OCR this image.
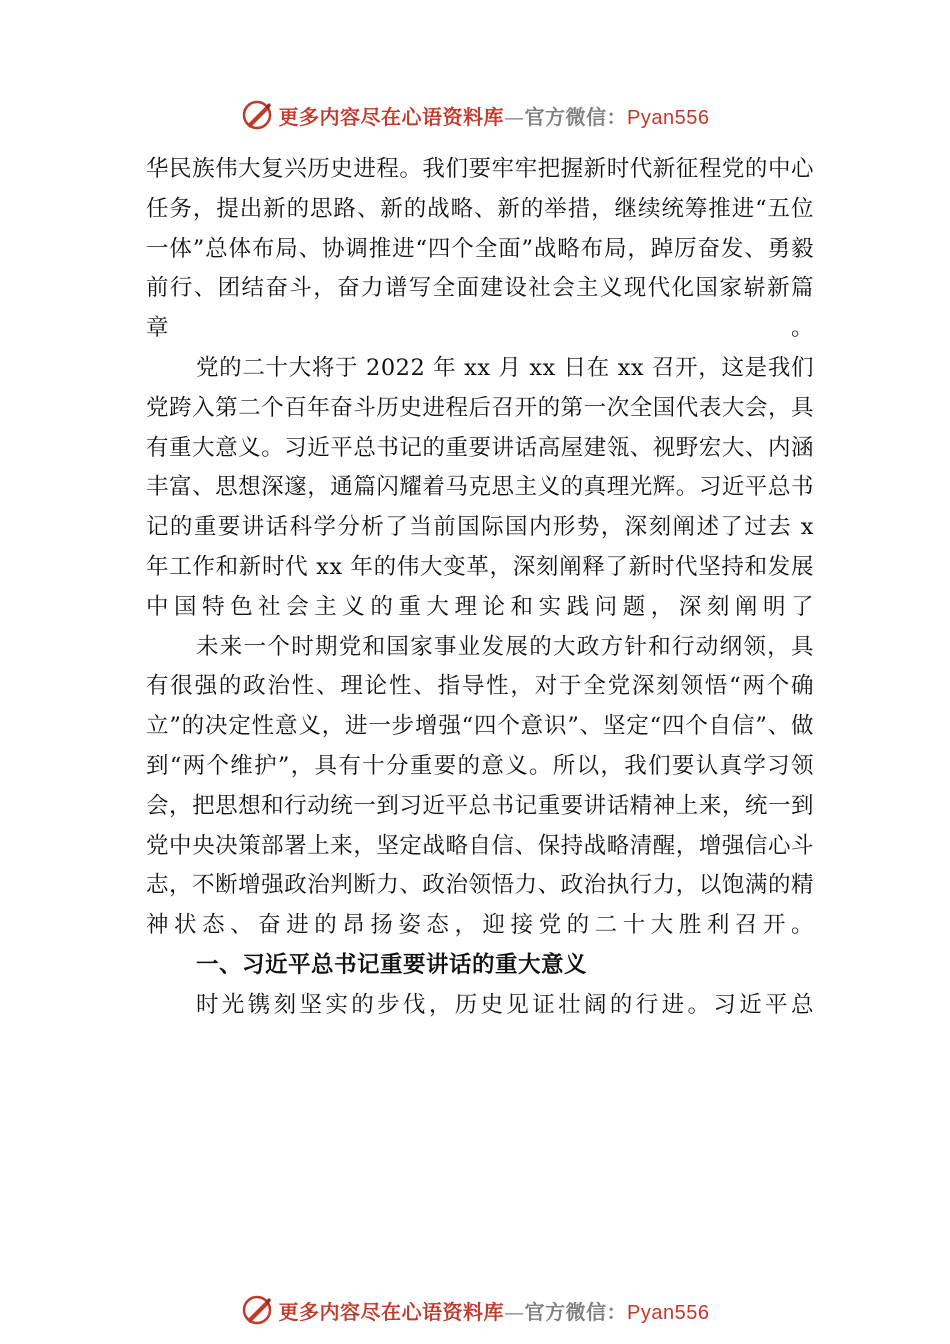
更多内容尽在心语资料库—官方微信：Pyan556

华民族伟大复兴历史进程。我们要牢牢把握新时代新征程党的中心任务，提出新的思路、新的战略、新的举措，继续统筹推进“五位一体”总体布局、协调推进“四个全面”战略布局，踔厉奋发、勇毅前行、团结奋斗，奋力谱写全面建设社会主义现代化国家崭新篇章。

党的二十大将于 2022 年 xx 月 xx 日在 xx 召开，这是我们党跨入第二个百年奋斗历史进程后召开的第一次全国代表大会，具有重大意义。习近平总书记的重要讲话高屋建瓴、视野宏大、内涵丰富、思想深邃，通篇闪耀着马克思主义的真理光辉。习近平总书记的重要讲话科学分析了当前国际国内形势，深刻阐述了过去 x 年工作和新时代 xx 年的伟大变革，深刻阐释了新时代坚持和发展中国特色社会主义的重大理论和实践问题，深刻阐明了

未来一个时期党和国家事业发展的大政方针和行动纲领，具有很强的政治性、理论性、指导性，对于全党深刻领悟“两个确立”的决定性意义，进一步增强“四个意识”、坚定“四个自信”、做到“两个维护”，具有十分重要的意义。所以，我们要认真学习领会，把思想和行动统一到习近平总书记重要讲话精神上来，统一到党中央决策部署上来，坚定战略自信、保持战略清醒，增强信心斗志，不断增强政治判断力、政治领悟力、政治执行力，以饱满的精神状态、奋进的昂扬姿态，迎接党的二十大胜利召开。

一、习近平总书记重要讲话的重大意义

时光镌刻坚实的步伐，历史见证壮阔的行进。习近平总

更多内容尽在心语资料库—官方微信：Pyan556
